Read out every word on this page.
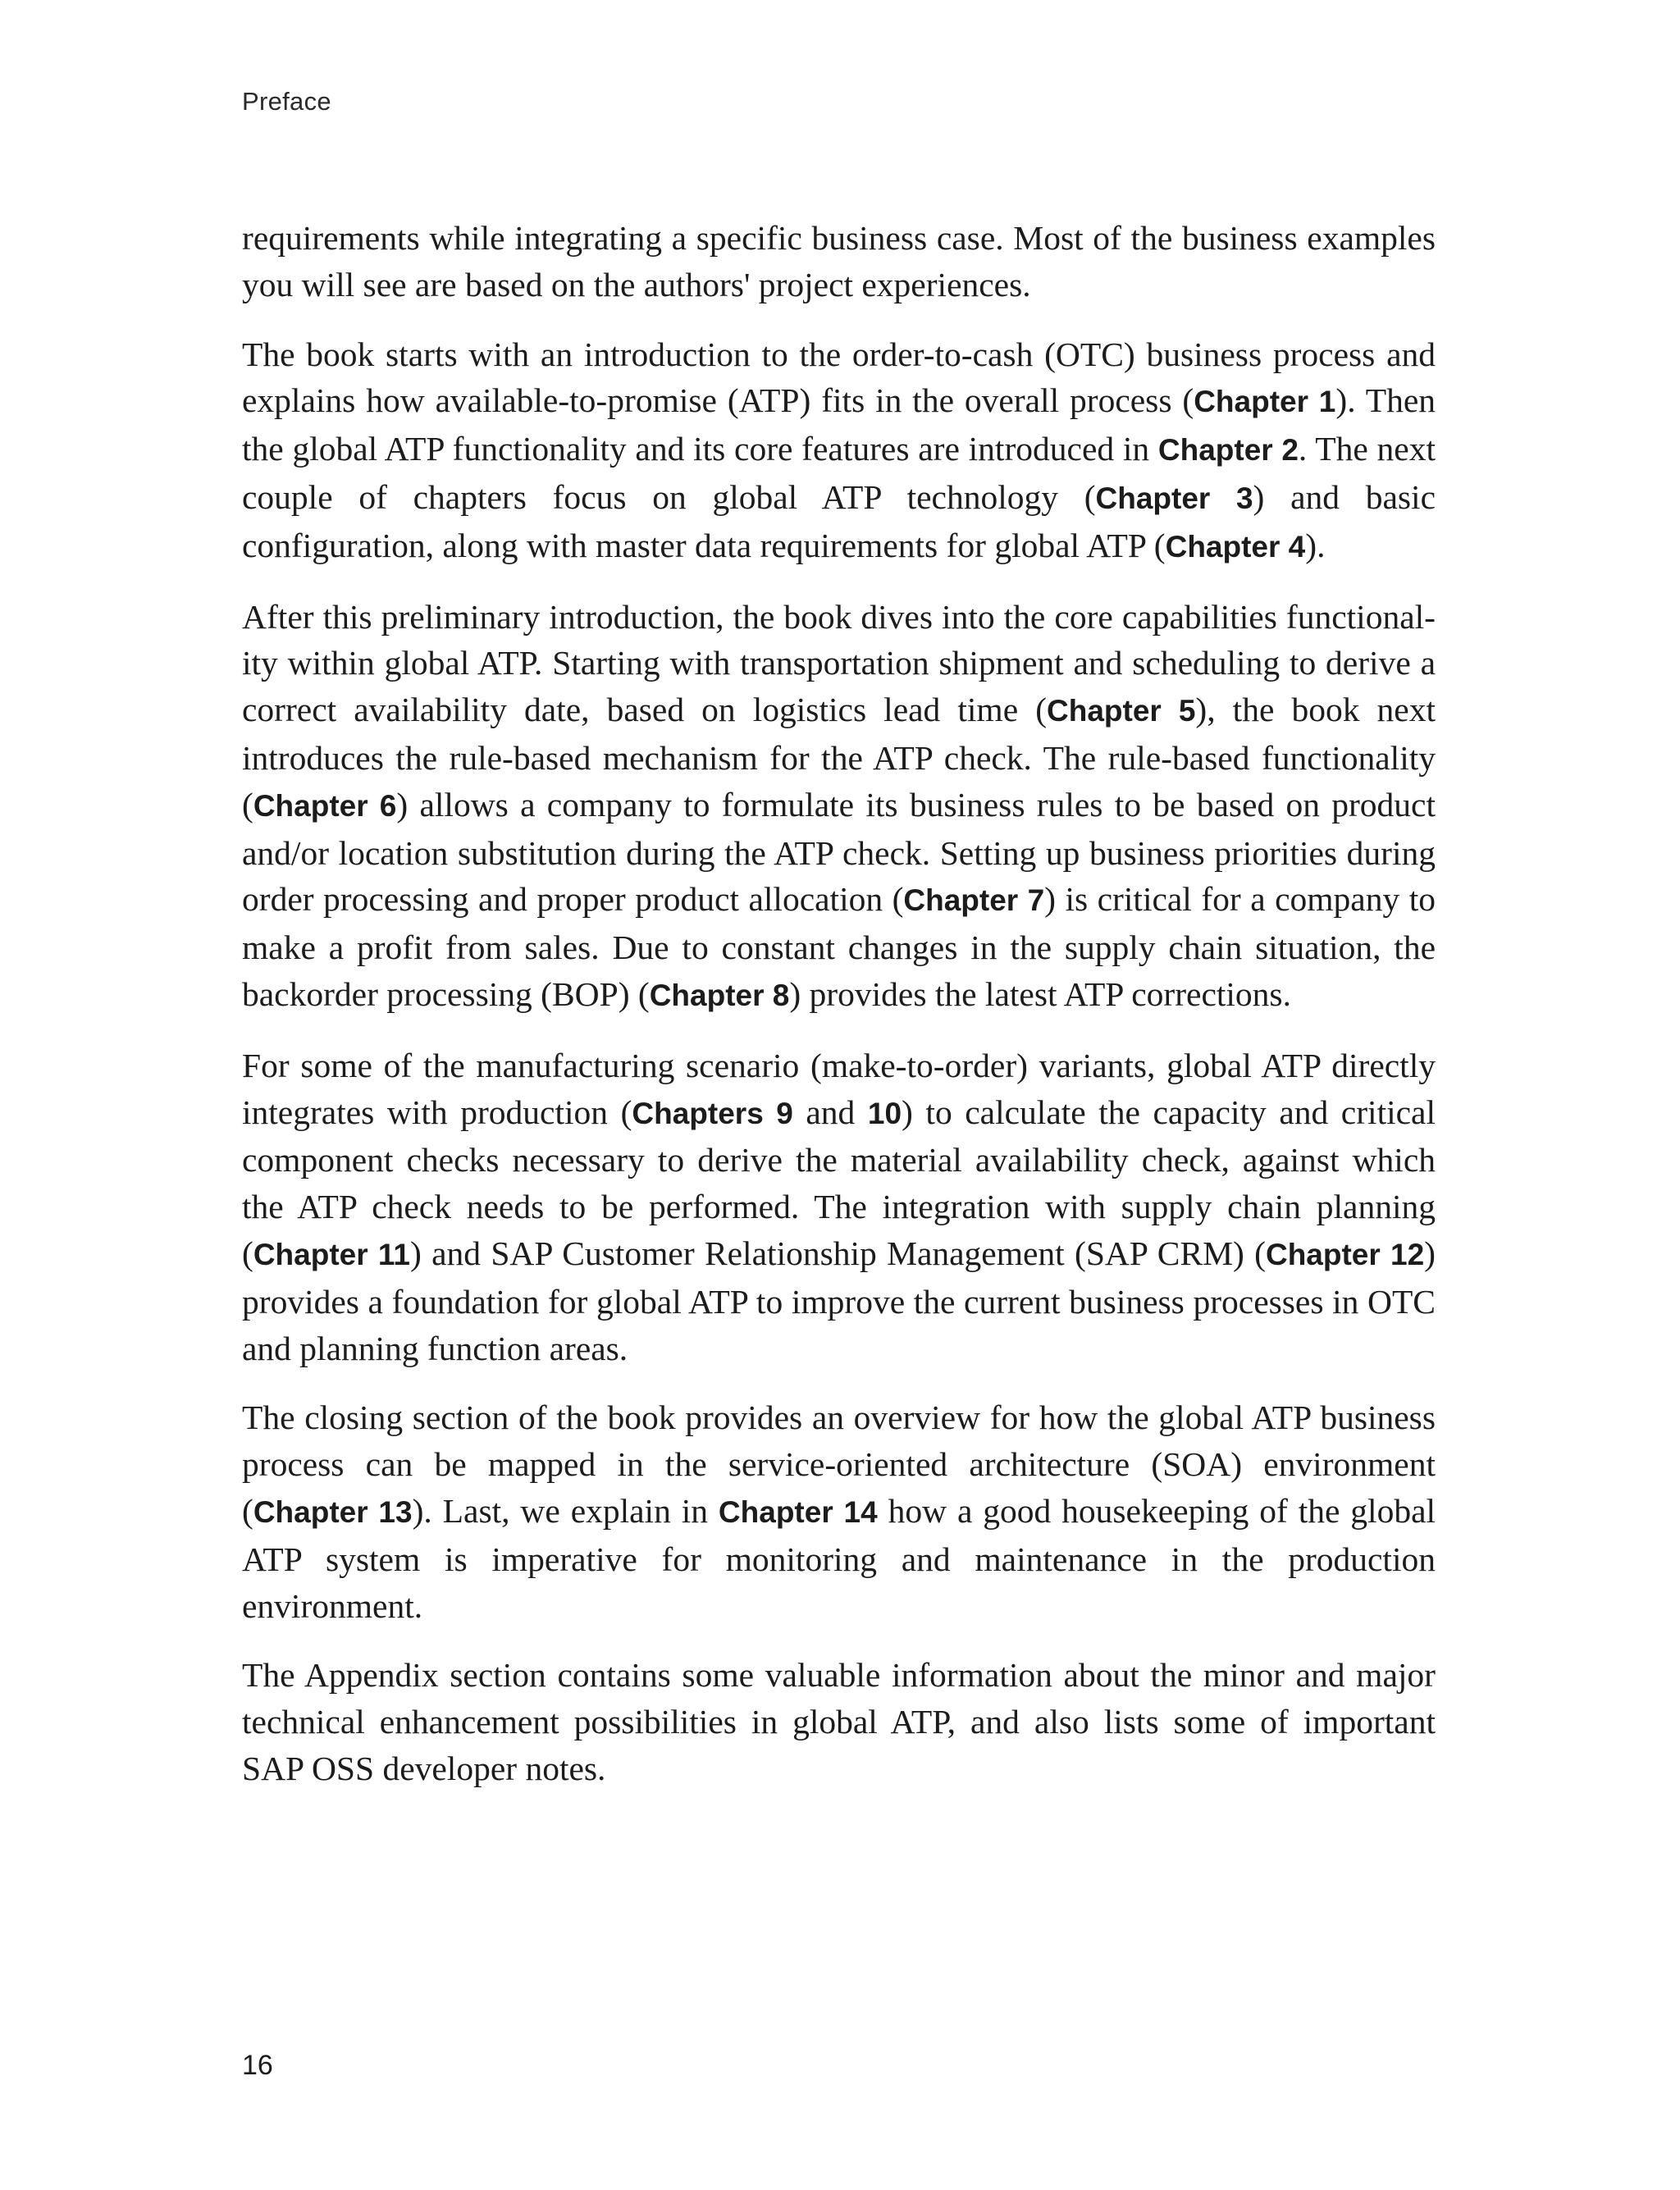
Preface

requirements while integrating a specific business case. Most of the business examples you will see are based on the authors' project experiences.

The book starts with an introduction to the order-to-cash (OTC) business process and explains how available-to-promise (ATP) fits in the overall process (Chapter 1). Then the global ATP functionality and its core features are introduced in Chapter 2. The next couple of chapters focus on global ATP technology (Chapter 3) and basic configuration, along with master data requirements for global ATP (Chapter 4).

After this preliminary introduction, the book dives into the core capabilities functionality within global ATP. Starting with transportation shipment and scheduling to derive a correct availability date, based on logistics lead time (Chapter 5), the book next introduces the rule-based mechanism for the ATP check. The rule-based functionality (Chapter 6) allows a company to formulate its business rules to be based on product and/or location substitution during the ATP check. Setting up business priorities during order processing and proper product allocation (Chapter 7) is critical for a company to make a profit from sales. Due to constant changes in the supply chain situation, the backorder processing (BOP) (Chapter 8) provides the latest ATP corrections.

For some of the manufacturing scenario (make-to-order) variants, global ATP directly integrates with production (Chapters 9 and 10) to calculate the capacity and critical component checks necessary to derive the material availability check, against which the ATP check needs to be performed. The integration with supply chain planning (Chapter 11) and SAP Customer Relationship Management (SAP CRM) (Chapter 12) provides a foundation for global ATP to improve the current business processes in OTC and planning function areas.

The closing section of the book provides an overview for how the global ATP business process can be mapped in the service-oriented architecture (SOA) environment (Chapter 13). Last, we explain in Chapter 14 how a good housekeeping of the global ATP system is imperative for monitoring and maintenance in the production environment.

The Appendix section contains some valuable information about the minor and major technical enhancement possibilities in global ATP, and also lists some of important SAP OSS developer notes.

16
